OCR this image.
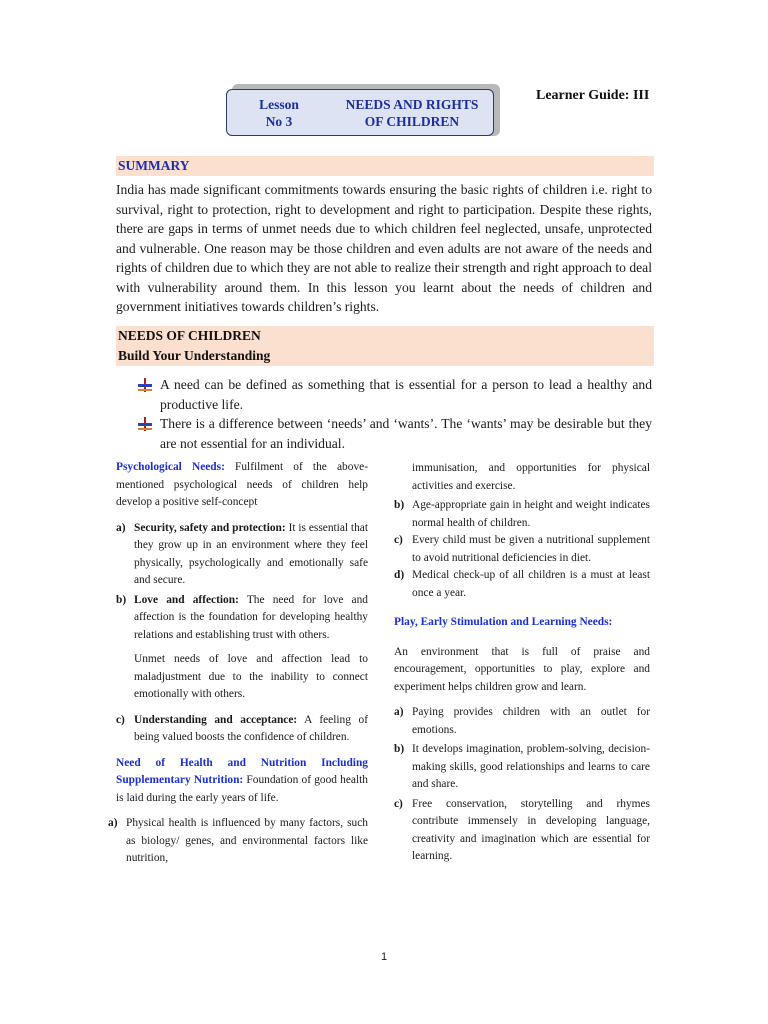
Lesson
No 3
NEEDS AND RIGHTS
OF CHILDREN
Learner Guide: III
SUMMARY

India has made significant commitments towards ensuring the basic rights of children i.e. right to survival, right to protection, right to development and right to participation. Despite these rights, there are gaps in terms of unmet needs due to which children feel neglected, unsafe, unprotected and vulnerable. One reason may be those children and even adults are not aware of the needs and rights of children due to which they are not able to realize their strength and right approach to deal with vulnerability around them. In this lesson you learnt about the needs of children and government initiatives towards children’s rights.

NEEDS OF CHILDREN
Build Your Understanding
A need can be defined as something that is essential for a person to lead a healthy and productive life.
There is a difference between ‘needs’ and ‘wants’. The ‘wants’ may be desirable but they are not essential for an individual.

Psychological Needs: Fulfilment of the above-mentioned psychological needs of children help develop a positive self-concept

a) Security, safety and protection: It is essential that they grow up in an environment where they feel physically, psychologically and emotionally safe and secure.
b) Love and affection: The need for love and affection is the foundation for developing healthy relations and establishing trust with others.

Unmet needs of love and affection lead to maladjustment due to the inability to connect emotionally with others.

c) Understanding and acceptance: A feeling of being valued boosts the confidence of children.

Need of Health and Nutrition Including Supplementary Nutrition: Foundation of good health is laid during the early years of life.

a) Physical health is influenced by many factors, such as biology/ genes, and environmental factors like nutrition,

immunisation, and opportunities for physical activities and exercise.

b) Age-appropriate gain in height and weight indicates normal health of children.
c) Every child must be given a nutritional supplement to avoid nutritional deficiencies in diet.
d) Medical check-up of all children is a must at least once a year.

Play, Early Stimulation and Learning Needs:

An environment that is full of praise and encouragement, opportunities to play, explore and experiment helps children grow and learn.

a) Paying provides children with an outlet for emotions.
b) It develops imagination, problem-solving, decision-making skills, good relationships and learns to care and share.
c) Free conservation, storytelling and rhymes contribute immensely in developing language, creativity and imagination which are essential for learning.
1
